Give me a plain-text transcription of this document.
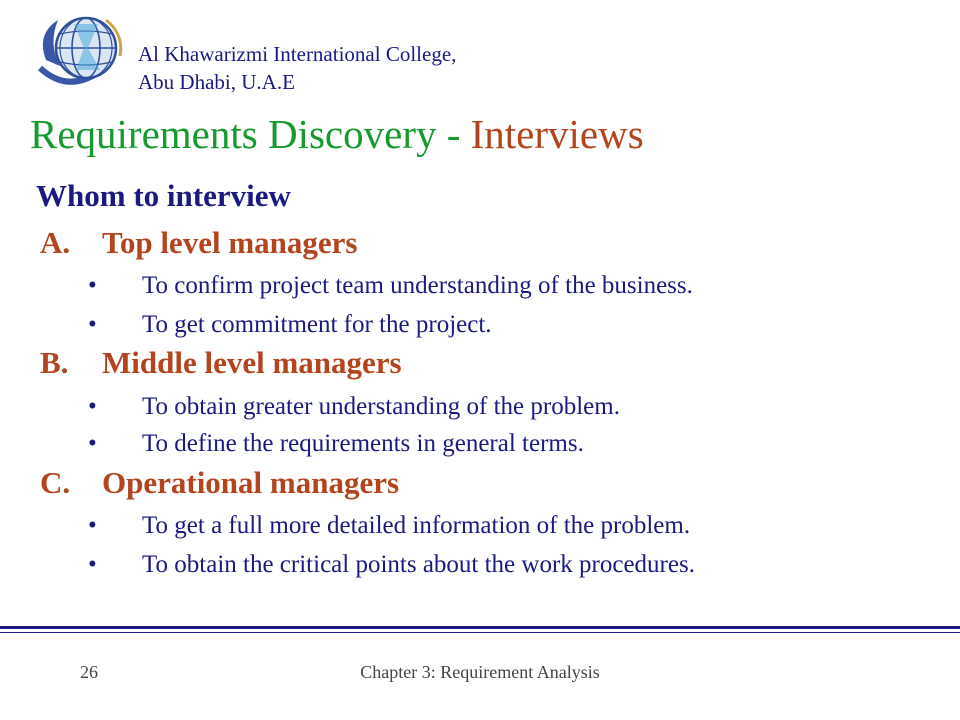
Al Khawarizmi International College,
Abu Dhabi, U.A.E
Requirements Discovery - Interviews
Whom to interview
A. Top level managers
• To confirm project team understanding of the business.
• To get commitment for the project.
B. Middle level managers
• To obtain greater understanding of the problem.
• To define the requirements in general terms.
C. Operational managers
• To get a full more detailed information of the problem.
• To obtain the critical points about the work procedures.
26	Chapter 3: Requirement Analysis
